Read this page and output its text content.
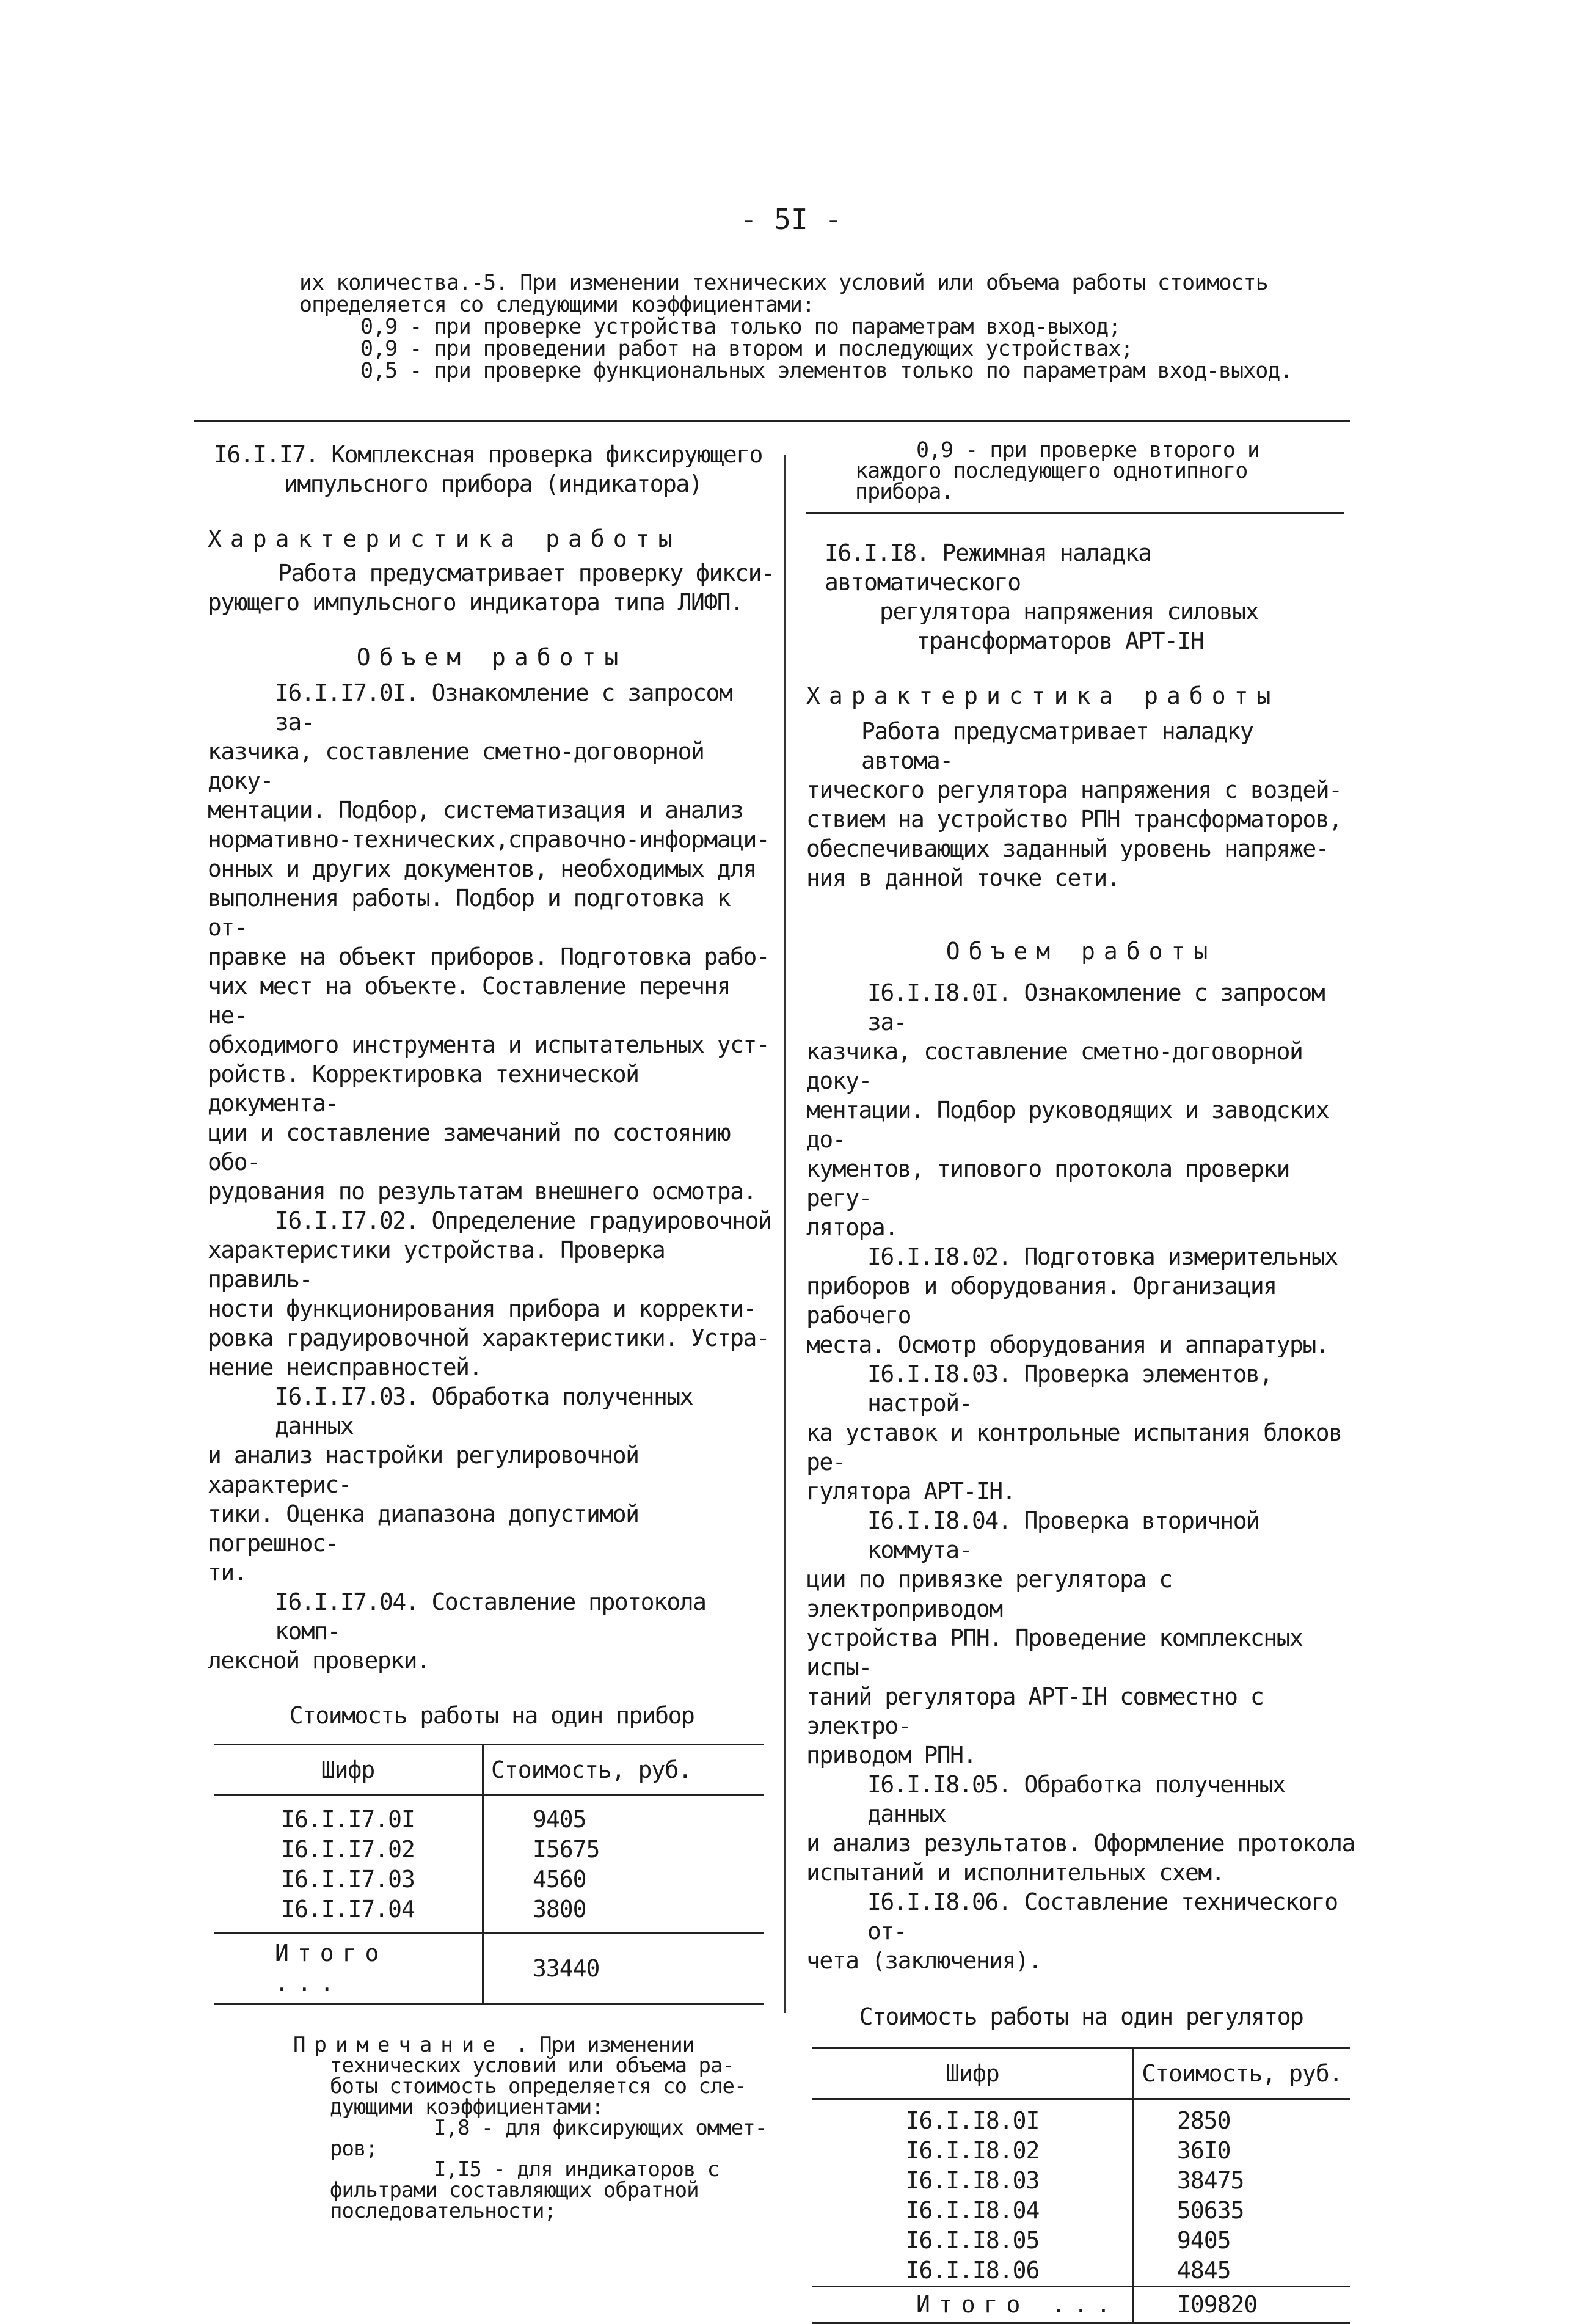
- 5I -
их количества.-5. При изменении технических условий или объема работы стоимость
определяется со следующими коэффициентами:
0,9 - при проверке устройства только по параметрам вход-выход;
0,9 - при проведении работ на втором и последующих устройствах;
0,5 - при проверке функциональных элементов только по параметрам вход-выход.

I6.I.I7. Комплексная проверка фиксирующего

импульсного прибора (индикатора)

Характеристика работы

Работа предусматривает проверку фикси-

рующего импульсного индикатора типа ЛИФП.

Объем работы

I6.I.I7.0I. Ознакомление с запросом за-

казчика, составление сметно-договорной доку-

ментации. Подбор, систематизация и анализ

нормативно-технических,справочно-информаци-

онных и других документов, необходимых для

выполнения работы. Подбор и подготовка к от-

правке на объект приборов. Подготовка рабо-

чих мест на объекте. Составление перечня не-

обходимого инструмента и испытательных уст-

ройств. Корректировка технической документа-

ции и составление замечаний по состоянию обо-

рудования по результатам внешнего осмотра.

I6.I.I7.02. Определение градуировочной

характеристики устройства. Проверка правиль-

ности функционирования прибора и корректи-

ровка градуировочной характеристики. Устра-

нение неисправностей.

I6.I.I7.03. Обработка полученных данных

и анализ настройки регулировочной характерис-

тики. Оценка диапазона допустимой погрешнос-

ти.

I6.I.I7.04. Составление протокола комп-

лексной проверки.

Стоимость работы на один прибор

Шифр	Стоимость, руб.
I6.I.I7.0I	9405
I6.I.I7.02	I5675
I6.I.I7.03	4560
I6.I.I7.04	3800
Итого ...	33440
Примечание . При изменении
технических условий или объема ра-
боты стоимость определяется со сле-
дующими коэффициентами:
I,8 - для фиксирующих оммет-
ров;
I,I5 - для индикаторов с
фильтрами составляющих обратной
последовательности;
0,9 - при проверке второго и
каждого последующего однотипного
прибора.

I6.I.I8. Режимная наладка автоматического

регулятора напряжения силовых

трансформаторов АРТ-IН

Характеристика работы

Работа предусматривает наладку автома-

тического регулятора напряжения с воздей-

ствием на устройство РПН трансформаторов,

обеспечивающих заданный уровень напряже-

ния в данной точке сети.

Объем работы

I6.I.I8.0I. Ознакомление с запросом за-

казчика, составление сметно-договорной доку-

ментации. Подбор руководящих и заводских до-

кументов, типового протокола проверки регу-

лятора.

I6.I.I8.02. Подготовка измерительных

приборов и оборудования. Организация рабочего

места. Осмотр оборудования и аппаратуры.

I6.I.I8.03. Проверка элементов, настрой-

ка уставок и контрольные испытания блоков ре-

гулятора АРТ-IН.

I6.I.I8.04. Проверка вторичной коммута-

ции по привязке регулятора с электроприводом

устройства РПН. Проведение комплексных испы-

таний регулятора АРТ-IН совместно с электро-

приводом РПН.

I6.I.I8.05. Обработка полученных данных

и анализ результатов. Оформление протокола

испытаний и исполнительных схем.

I6.I.I8.06. Составление технического от-

чета (заключения).

Стоимость работы на один регулятор

Шифр	Стоимость, руб.
I6.I.I8.0I	2850
I6.I.I8.02	36I0
I6.I.I8.03	38475
I6.I.I8.04	50635
I6.I.I8.05	9405
I6.I.I8.06	4845
Итого ...	I09820
